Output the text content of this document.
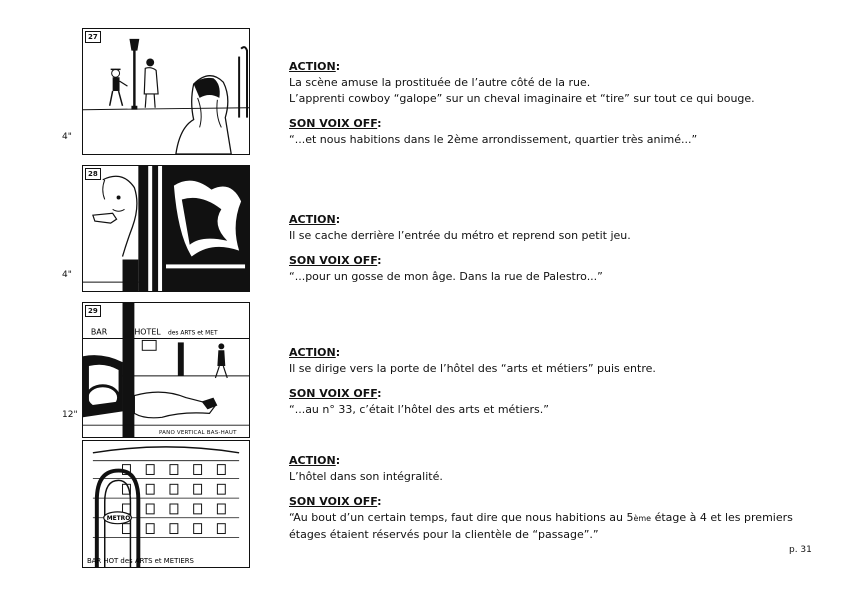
27
4"

ACTION:

La scène amuse la prostituée de l’autre côté de la rue.

L’apprenti cowboy “galope” sur un cheval imaginaire et “tire” sur tout ce qui bouge.

SON VOIX OFF:

“...et nous habitions dans le 2ème arrondissement, quartier très animé...”

28
4"

ACTION:

Il se cache derrière l’entrée du métro et reprend son petit jeu.

SON VOIX OFF:

“...pour un gosse de mon âge. Dans la rue de Palestro...”

29
BAR	HOTEL des ARTS et MET
PANO VERTICAL BAS-HAUT
12"

ACTION:

Il se dirige vers la porte de l’hôtel des “arts et métiers” puis entre.

SON VOIX OFF:

“...au n° 33, c’était l’hôtel des arts et métiers.”

METRO
BAR HOT des ARTS et METIERS

ACTION:

L’hôtel dans son intégralité.

SON VOIX OFF:

“Au bout d’un certain temps, faut dire que nous habitions au 5ème étage à 4 et les premiers

étages étaient réservés pour la clientèle de “passage”.”

p. 31
